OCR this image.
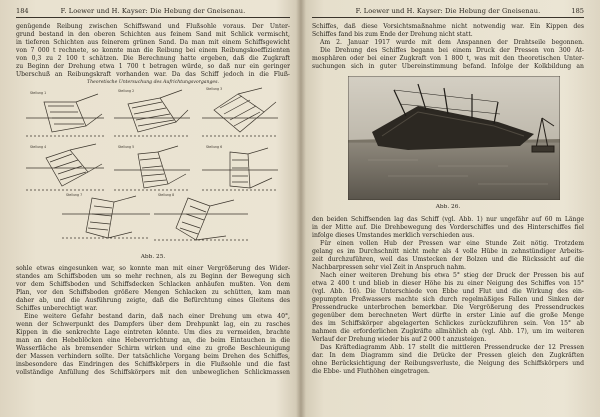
184	F. Loewer und H. Kayser: Die Hebung der Gneisenau.

genügende Reibung zwischen Schiffswand und Flußsohle voraus. Der Unter-

grund bestand in den oberen Schichten aus feinem Sand mit Schlick vermischt,

in tieferen Schichten aus feinerem grünen Sand. Da man mit einem Schiffsgewicht

von 7 000 t rechnete, so konnte man die Reibung bei einem Reibungskoeffizienten

von 0,3 zu 2 100 t schätzen. Die Berechnung hatte ergeben, daß die Zugkraft

zu Beginn der Drehung etwa 1 700 t betragen würde, so daß nur ein geringer

Überschuß an Reibungskraft vorhanden war. Da das Schiff jedoch in die Fluß-

Theoretische Untersuchung des Aufrichtungsvorganges.
Stellung 1	Stellung 2	Stellung 3
Stellung 4	Stellung 5	Stellung 6
Stellung 7	Stellung 8
Abb. 25.

sohle etwas eingesunken war, so konnte man mit einer Vergrößerung des Wider-

standes am Schiffsboden um so mehr rechnen, als zu Beginn der Bewegung sich

vor dem Schiffsboden und Schiffsdecken Schlacken anhäufen mußten. Von dem

Plan, vor den Schiffsboden größere Mengen Schlacken zu schütten, kam man

daher ab, und die Ausführung zeigte, daß die Befürchtung eines Gleitens des

Schiffes unberechtigt war.

Eine weitere Gefahr bestand darin, daß nach einer Drehung um etwa 40°,

wenn der Schwerpunkt des Dampfers über dem Drehpunkt lag, ein zu rasches

Kippen in die senkrechte Lage eintreten könnte. Um dies zu vermeiden, brachte

man an den Hebeblöcken eine Hebevorrichtung an, die beim Eintauchen in die

Wasserfläche als bremsender Schirm wirken und eine zu große Beschleunigung

der Massen verhindern sollte. Der tatsächliche Vorgang beim Drehen des Schiffes,

insbesondere das Eindringen des Schiffskörpers in die Flußsohle und die fast

vollständige Anfüllung des Schiffskörpers mit den unbeweglichen Schlickmassen

F. Loewer und H. Kayser: Die Hebung der Gneisenau.	185

Schiffes, daß diese Vorsichtsmaßnahme nicht notwendig war. Ein Kippen des

Schiffes fand bis zum Ende der Drehung nicht statt.

Am 2. Januar 1917 wurde mit dem Anspannen der Drahtseile begonnen.

Die Drehung des Schiffes begann bei einem Druck der Pressen von 300 At-

mosphären oder bei einer Zugkraft von 1 800 t, was mit den theoretischen Unter-

suchungen sich in guter Übereinstimmung befand. Infolge der Kolkbildung an

Abb. 26.

den beiden Schiffsenden lag das Schiff (vgl. Abb. 1) nur ungefähr auf 60 m Länge

in der Mitte auf. Die Drehbewegung des Vorderschiffes und des Hinterschiffes fiel

infolge dieses Umstandes merklich verschieden aus.

Für einen vollen Hub der Pressen war eine Stunde Zeit nötig. Trotzdem

gelang es im Durchschnitt nicht mehr als 4 volle Hübe in zehnstündiger Arbeits-

zeit durchzuführen, weil das Umstecken der Bolzen und die Rückssicht auf die

Nachbarpressen sehr viel Zeit in Anspruch nahm.

Nach einer weiteren Drehung bis etwa 5° stieg der Druck der Pressen bis auf

etwa 2 400 t und blieb in dieser Höhe bis zu einer Neigung des Schiffes von 15°

(vgl. Abb. 16). Die Unterschiede von Ebbe und Flut und die Wirkung des ein-

gepumpten Preßwassers machte sich durch regelmäßiges Fallen und Sinken der

Pressendrucke unterbrochen bemerkbar. Die Vergrößerung des Pressendruckes

gegenüber dem berechneten Wert dürfte in erster Linie auf die große Menge

des im Schiffskörper abgelagerten Schlickes zurückzuführen sein. Von 15° ab

nahmen die erforderlichen Zugkräfte allmählich ab (vgl. Abb. 17), um im weiteren

Verlauf der Drehung wieder bis auf 2 000 t anzusteigen.

Das Kräftediagramm Abb. 17 stellt die mittleren Pressendrucke der 12 Pressen

dar. In dem Diagramm sind die Drücke der Pressen gleich den Zugkräften

ohne Berücksichtigung der Reibungsverluste, die Neigung des Schiffskörpers und

die Ebbe- und Fluthöhen eingetragen.
